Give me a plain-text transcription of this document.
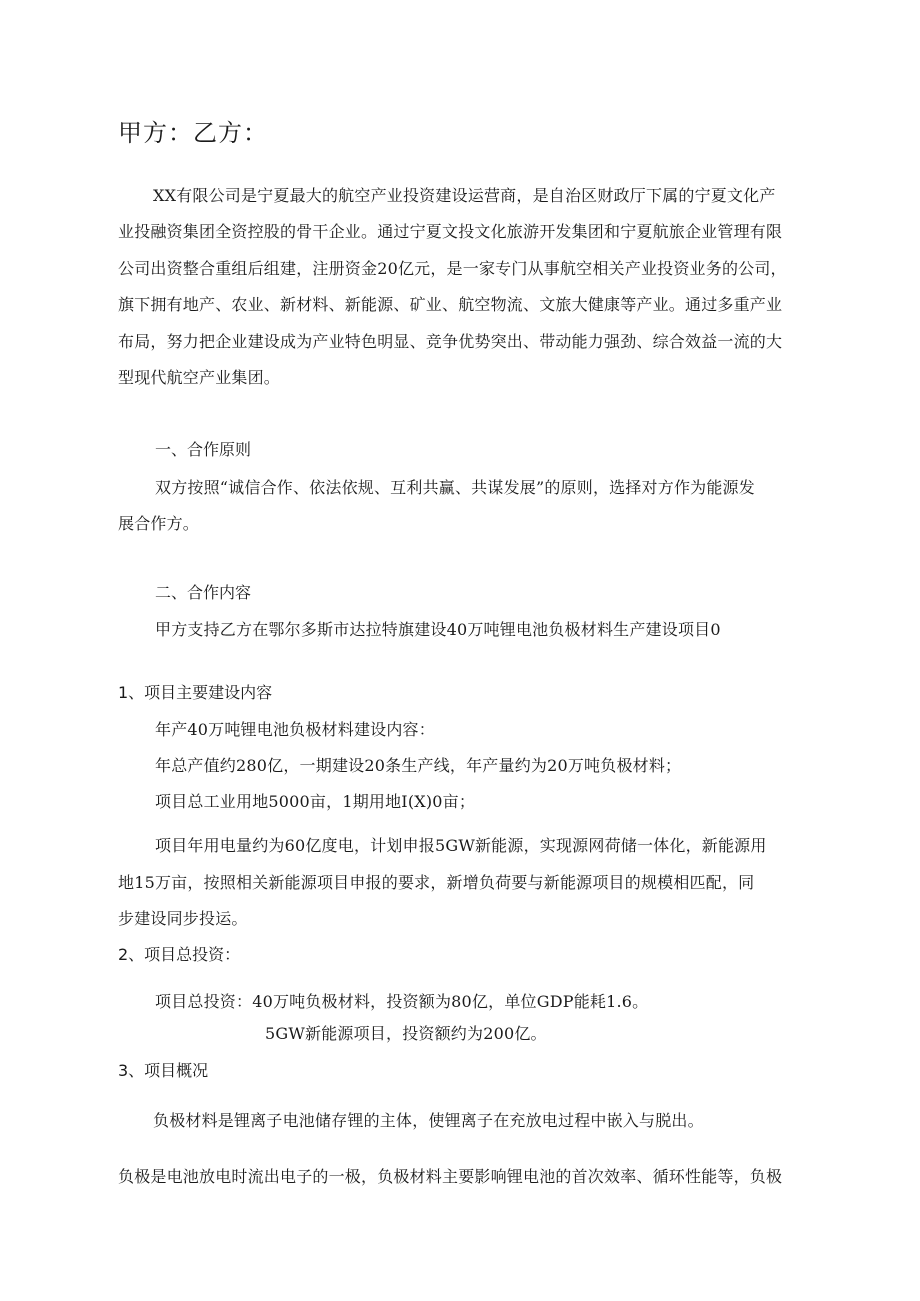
甲方：乙方：
XX有限公司是宁夏最大的航空产业投资建设运营商，是自治区财政厅下属的宁夏文化产
业投融资集团全资控股的骨干企业。通过宁夏文投文化旅游开发集团和宁夏航旅企业管理有限
公司出资整合重组后组建，注册资金20亿元，是一家专门从事航空相关产业投资业务的公司，
旗下拥有地产、农业、新材料、新能源、矿业、航空物流、文旅大健康等产业。通过多重产业
布局，努力把企业建设成为产业特色明显、竞争优势突出、带动能力强劲、综合效益一流的大
型现代航空产业集团。
一、合作原则
双方按照“诚信合作、依法依规、互利共赢、共谋发展”的原则，选择对方作为能源发
展合作方。
二、合作内容
甲方支持乙方在鄂尔多斯市达拉特旗建设40万吨锂电池负极材料生产建设项目0
1、项目主要建设内容
年产40万吨锂电池负极材料建设内容：
年总产值约280亿，一期建设20条生产线，年产量约为20万吨负极材料；
项目总工业用地5000亩，1期用地I(X)0亩；
项目年用电量约为60亿度电，计划申报5GW新能源，实现源网荷储一体化，新能源用
地15万亩，按照相关新能源项目申报的要求，新增负荷要与新能源项目的规模相匹配，同
步建设同步投运。
2、项目总投资：
项目总投资：40万吨负极材料，投资额为80亿，单位GDP能耗1.6。
5GW新能源项目，投资额约为200亿。
3、项目概况
负极材料是锂离子电池储存锂的主体，使锂离子在充放电过程中嵌入与脱出。
负极是电池放电时流出电子的一极，负极材料主要影响锂电池的首次效率、循环性能等，负极
